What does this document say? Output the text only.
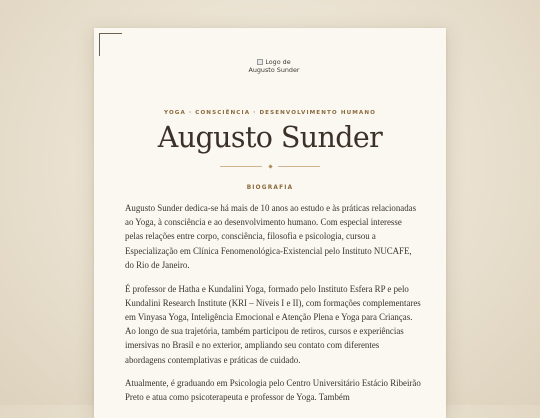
Logo de Augusto Sunder
YOGA · CONSCIÊNCIA · DESENVOLVIMENTO HUMANO
Augusto Sunder
BIOGRAFIA

Augusto Sunder dedica-se há mais de 10 anos ao estudo e às práticas relacionadas ao Yoga, à consciência e ao desenvolvimento humano. Com especial interesse pelas relações entre corpo, consciência, filosofia e psicologia, cursou a Especialização em Clínica Fenomenológica-Existencial pelo Instituto NUCAFE, do Rio de Janeiro.

É professor de Hatha e Kundalini Yoga, formado pelo Instituto Esfera RP e pelo Kundalini Research Institute (KRI – Níveis I e II), com formações complementares em Vinyasa Yoga, Inteligência Emocional e Atenção Plena e Yoga para Crianças. Ao longo de sua trajetória, também participou de retiros, cursos e experiências imersivas no Brasil e no exterior, ampliando seu contato com diferentes abordagens contemplativas e práticas de cuidado.

Atualmente, é graduando em Psicologia pelo Centro Universitário Estácio Ribeirão Preto e atua como psicoterapeuta e professor de Yoga. Também
